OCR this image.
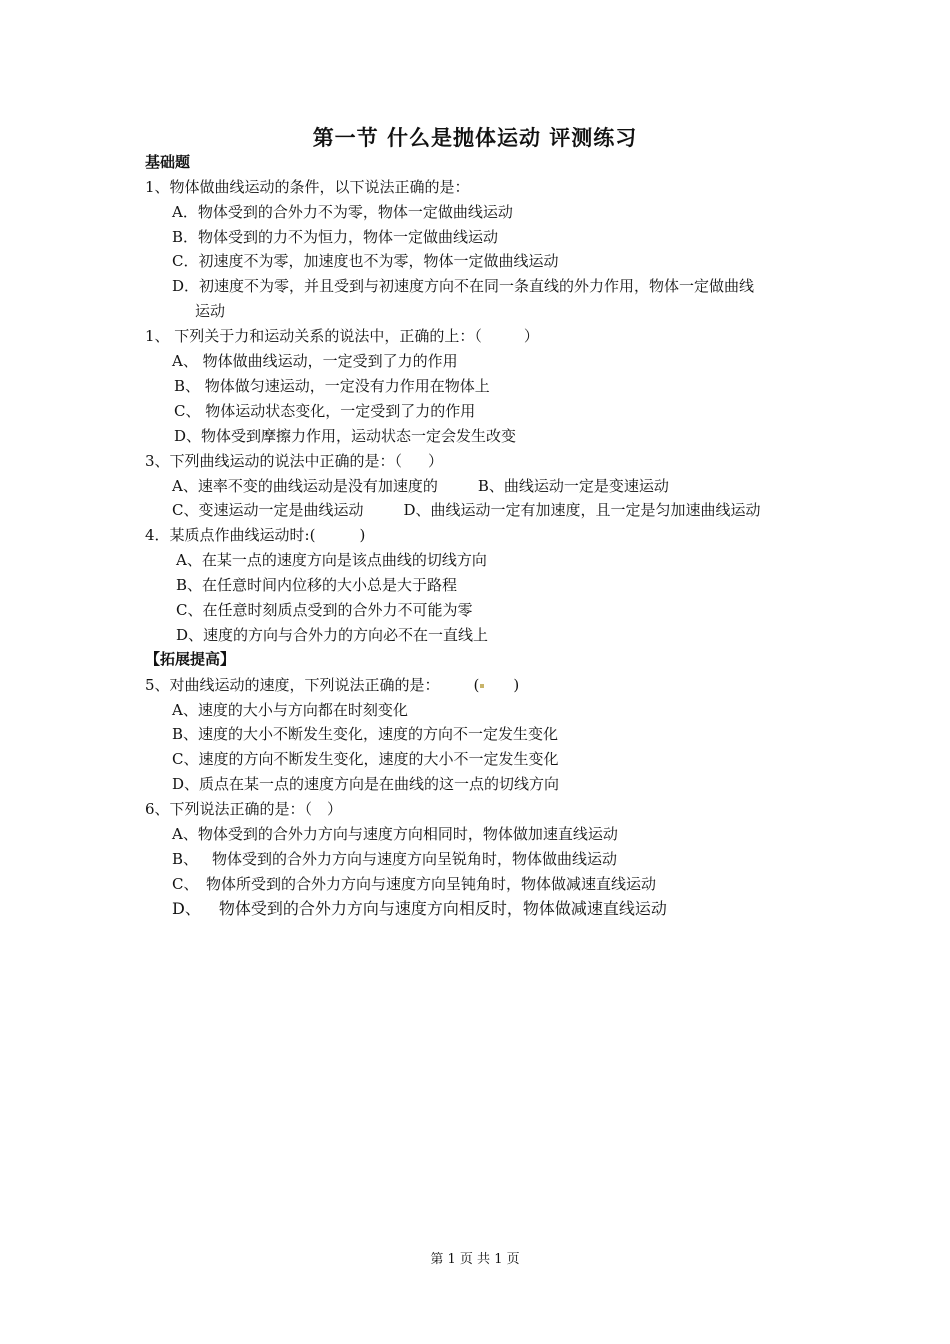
第一节 什么是抛体运动 评测练习
基础题
1、物体做曲线运动的条件，以下说法正确的是：
A．物体受到的合外力不为零，物体一定做曲线运动
B．物体受到的力不为恒力，物体一定做曲线运动
C．初速度不为零，加速度也不为零，物体一定做曲线运动
D．初速度不为零，并且受到与初速度方向不在同一条直线的外力作用，物体一定做曲线
运动
1、 下列关于力和运动关系的说法中，正确的上：（	）
A、 物体做曲线运动，一定受到了力的作用
B、 物体做匀速运动，一定没有力作用在物体上
C、 物体运动状态变化，一定受到了力的作用
D、物体受到摩擦力作用，运动状态一定会发生改变
3、下列曲线运动的说法中正确的是：（ ）
A、速率不变的曲线运动是没有加速度的	B、曲线运动一定是变速运动
C、变速运动一定是曲线运动	D、曲线运动一定有加速度，且一定是匀加速曲线运动
4．某质点作曲线运动时:(	)
A、在某一点的速度方向是该点曲线的切线方向
B、在任意时间内位移的大小总是大于路程
C、在任意时刻质点受到的合外力不可能为零
D、速度的方向与合外力的方向必不在一直线上
【拓展提高】
5、对曲线运动的速度，下列说法正确的是： ( )
A、速度的大小与方向都在时刻变化
B、速度的大小不断发生变化，速度的方向不一定发生变化
C、速度的方向不断发生变化，速度的大小不一定发生变化
D、质点在某一点的速度方向是在曲线的这一点的切线方向
6、下列说法正确的是：（　）
A、物体受到的合外力方向与速度方向相同时，物体做加速直线运动
B、 物体受到的合外力方向与速度方向呈锐角时，物体做曲线运动
C、　物体所受到的合外力方向与速度方向呈钝角时，物体做减速直线运动
D、 物体受到的合外力方向与速度方向相反时，物体做减速直线运动
第 1 页 共 1 页
